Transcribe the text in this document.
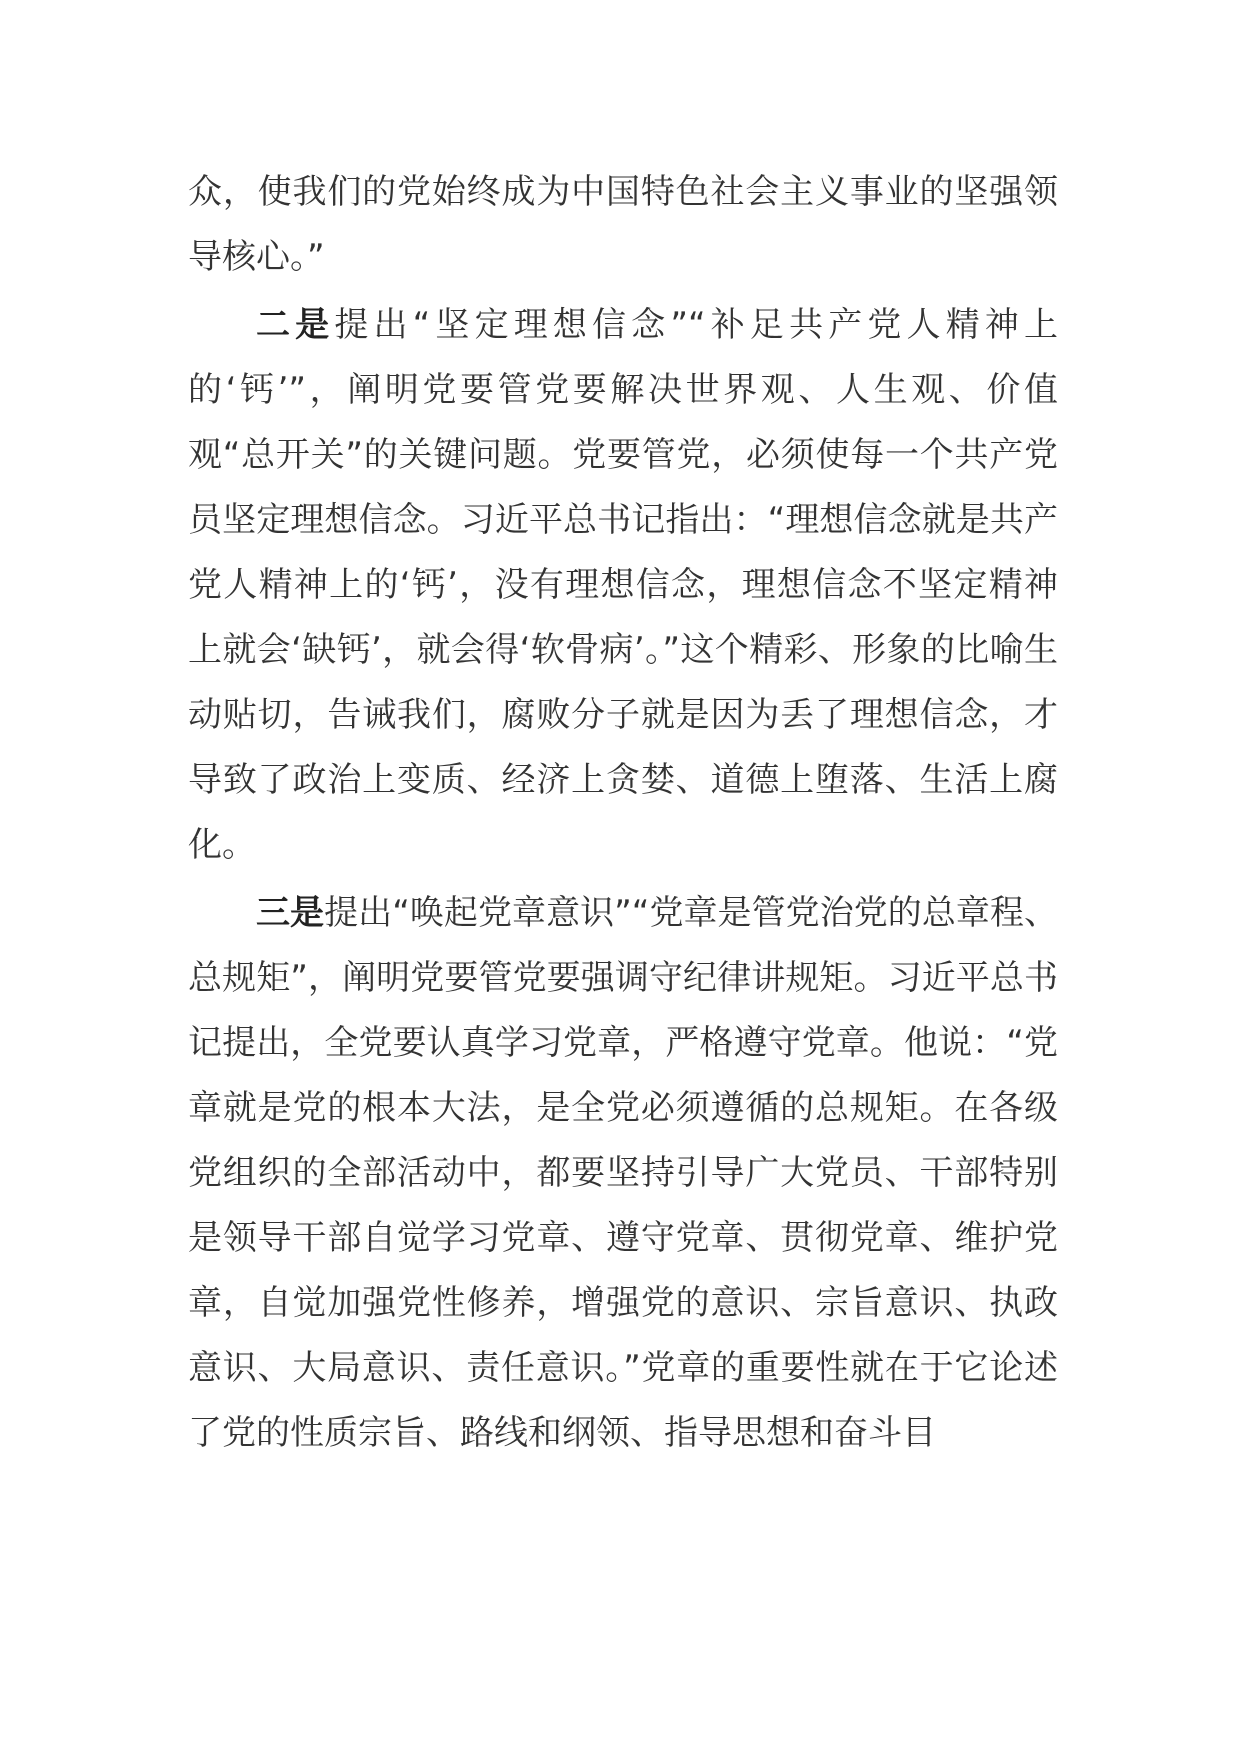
众，使我们的党始终成为中国特色社会主义事业的坚强领导核心。”

二是提出“坚定理想信念”“补足共产党人精神上的‘钙’”，阐明党要管党要解决世界观、人生观、价值观“总开关”的关键问题。党要管党，必须使每一个共产党员坚定理想信念。习近平总书记指出：“理想信念就是共产党人精神上的‘钙’，没有理想信念，理想信念不坚定精神上就会‘缺钙’，就会得‘软骨病’。”这个精彩、形象的比喻生动贴切，告诫我们，腐败分子就是因为丢了理想信念，才导致了政治上变质、经济上贪婪、道德上堕落、生活上腐化。

三是提出“唤起党章意识”“党章是管党治党的总章程、总规矩”，阐明党要管党要强调守纪律讲规矩。习近平总书记提出，全党要认真学习党章，严格遵守党章。他说：“党章就是党的根本大法，是全党必须遵循的总规矩。在各级党组织的全部活动中，都要坚持引导广大党员、干部特别是领导干部自觉学习党章、遵守党章、贯彻党章、维护党章，自觉加强党性修养，增强党的意识、宗旨意识、执政意识、大局意识、责任意识。”党章的重要性就在于它论述了党的性质宗旨、路线和纲领、指导思想和奋斗目
